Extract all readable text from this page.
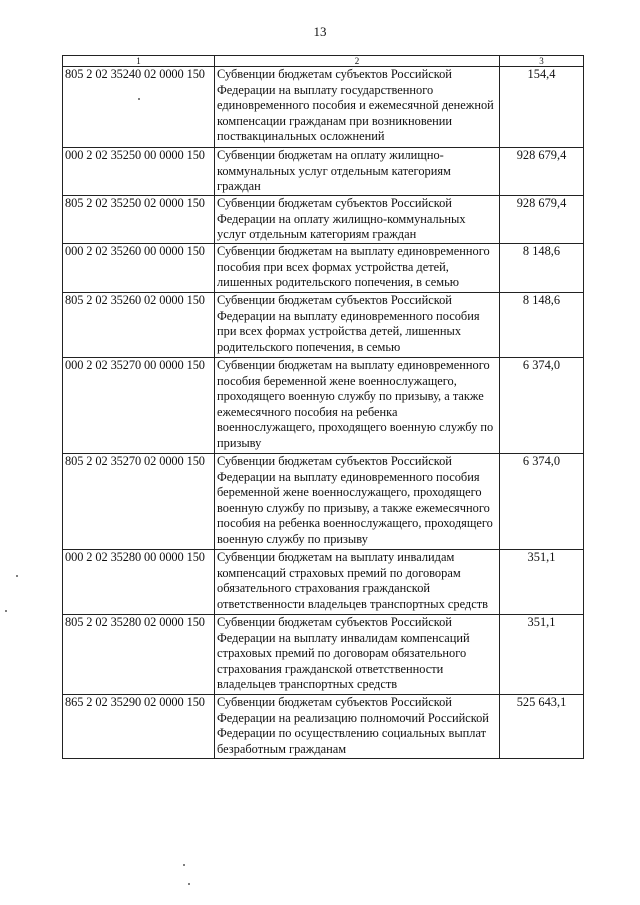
13
1	2	3
805 2 02 35240 02 0000 150	Субвенции бюджетам субъектов Российской Федерации на выплату государственного единовременного пособия и ежемесячной денежной компенсации гражданам при возникновении поствакцинальных осложнений	154,4
000 2 02 35250 00 0000 150	Субвенции бюджетам на оплату жилищно-коммунальных услуг отдельным категориям граждан	928 679,4
805 2 02 35250 02 0000 150	Субвенции бюджетам субъектов Российской Федерации на оплату жилищно-коммунальных услуг отдельным категориям граждан	928 679,4
000 2 02 35260 00 0000 150	Субвенции бюджетам на выплату единовременного пособия при всех формах устройства детей, лишенных родительского попечения, в семью	8 148,6
805 2 02 35260 02 0000 150	Субвенции бюджетам субъектов Российской Федерации на выплату единовременного пособия при всех формах устройства детей, лишенных родительского попечения, в семью	8 148,6
000 2 02 35270 00 0000 150	Субвенции бюджетам на выплату единовременного пособия беременной жене военнослужащего, проходящего военную службу по призыву, а также ежемесячного пособия на ребенка военнослужащего, проходящего военную службу по призыву	6 374,0
805 2 02 35270 02 0000 150	Субвенции бюджетам субъектов Российской Федерации на выплату единовременного пособия беременной жене военнослужащего, проходящего военную службу по призыву, а также ежемесячного пособия на ребенка военнослужащего, проходящего военную службу по призыву	6 374,0
000 2 02 35280 00 0000 150	Субвенции бюджетам на выплату инвалидам компенсаций страховых премий по договорам обязательного страхования гражданской ответственности владельцев транспортных средств	351,1
805 2 02 35280 02 0000 150	Субвенции бюджетам субъектов Российской Федерации на выплату инвалидам компенсаций страховых премий по договорам обязательного страхования гражданской ответственности владельцев транспортных средств	351,1
865 2 02 35290 02 0000 150	Субвенции бюджетам субъектов Российской Федерации на реализацию полномочий Российской Федерации по осуществлению социальных выплат безработным гражданам	525 643,1
